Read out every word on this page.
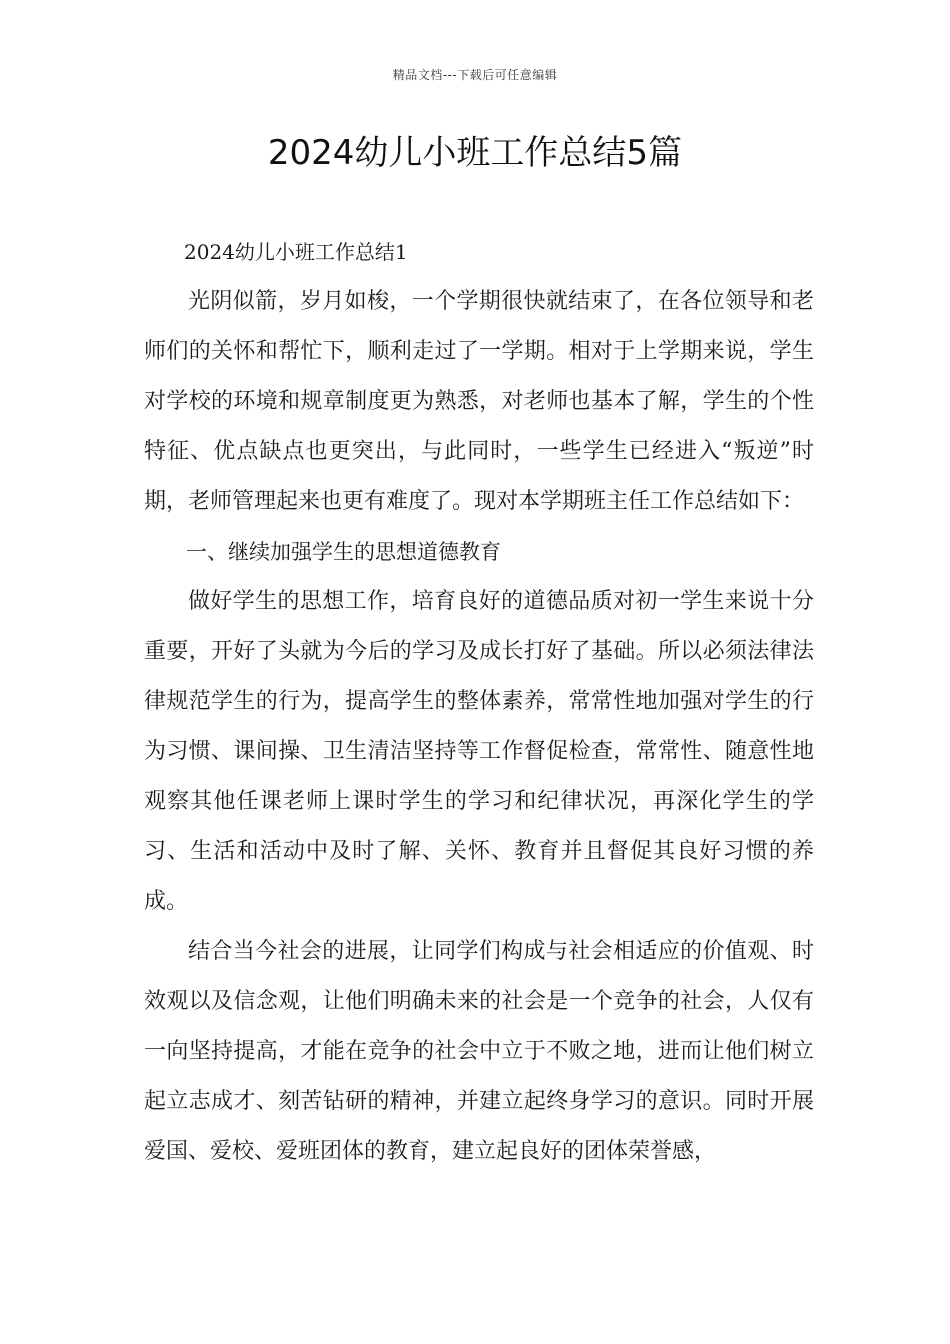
精品文档---下载后可任意编辑
2024幼儿小班工作总结5篇

2024幼儿小班工作总结1

光阴似箭，岁月如梭，一个学期很快就结束了，在各位领导和老师们的关怀和帮忙下，顺利走过了一学期。相对于上学期来说，学生对学校的环境和规章制度更为熟悉，对老师也基本了解，学生的个性特征、优点缺点也更突出，与此同时，一些学生已经进入“叛逆”时期，老师管理起来也更有难度了。现对本学期班主任工作总结如下：

一、继续加强学生的思想道德教育

做好学生的思想工作，培育良好的道德品质对初一学生来说十分重要，开好了头就为今后的学习及成长打好了基础。所以必须法律法律规范学生的行为，提高学生的整体素养，常常性地加强对学生的行为习惯、课间操、卫生清洁坚持等工作督促检查，常常性、随意性地观察其他任课老师上课时学生的学习和纪律状况，再深化学生的学习、生活和活动中及时了解、关怀、教育并且督促其良好习惯的养成。

结合当今社会的进展，让同学们构成与社会相适应的价值观、时效观以及信念观，让他们明确未来的社会是一个竞争的社会，人仅有一向坚持提高，才能在竞争的社会中立于不败之地，进而让他们树立起立志成才、刻苦钻研的精神，并建立起终身学习的意识。同时开展爱国、爱校、爱班团体的教育，建立起良好的团体荣誉感，
